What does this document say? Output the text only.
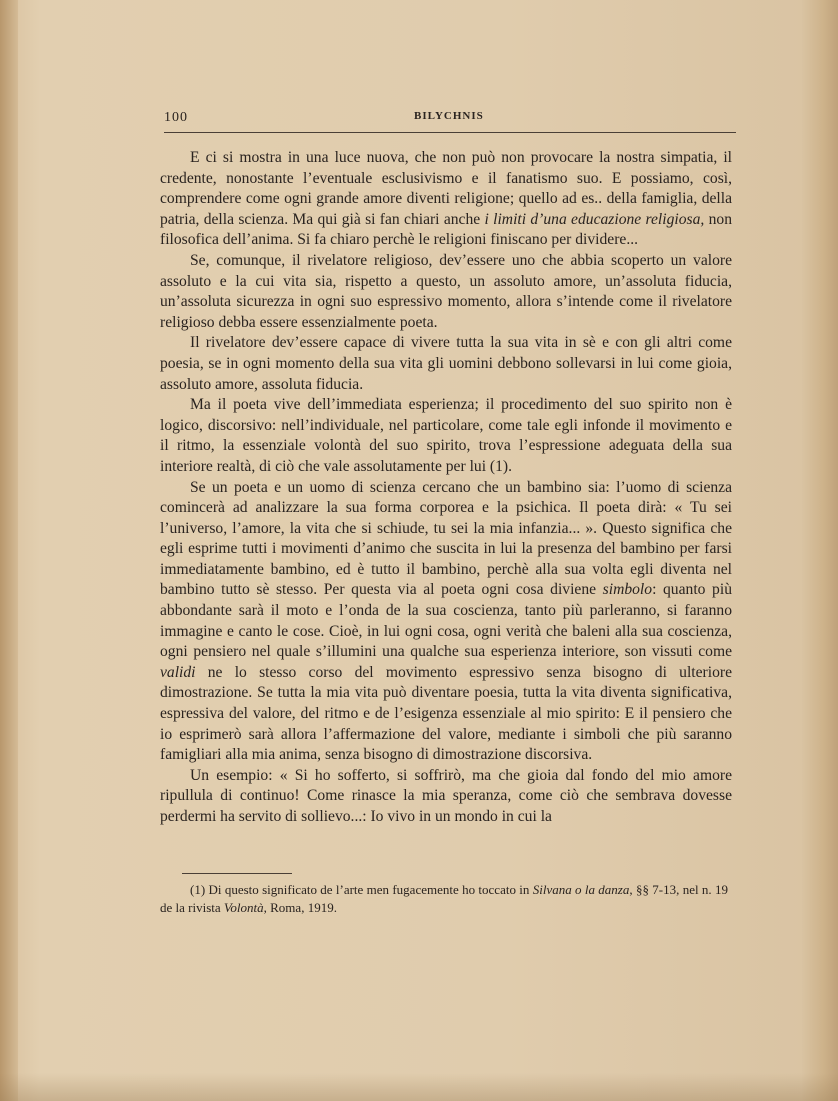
100	BILYCHNIS

E ci si mostra in una luce nuova, che non può non provocare la nostra simpatia, il credente, nonostante l’eventuale esclusivismo e il fanatismo suo. E possiamo, così, comprendere come ogni grande amore diventi religione; quello ad es.. della famiglia, della patria, della scienza. Ma qui già si fan chiari anche i limiti d’una educazione religiosa, non filosofica dell’anima. Si fa chiaro perchè le religioni finiscano per dividere...

Se, comunque, il rivelatore religioso, dev’essere uno che abbia scoperto un valore assoluto e la cui vita sia, rispetto a questo, un assoluto amore, un’assoluta fiducia, un’assoluta sicurezza in ogni suo espressivo momento, allora s’intende come il rivelatore religioso debba essere essenzialmente poeta.

Il rivelatore dev’essere capace di vivere tutta la sua vita in sè e con gli altri come poesia, se in ogni momento della sua vita gli uomini debbono sollevarsi in lui come gioia, assoluto amore, assoluta fiducia.

Ma il poeta vive dell’immediata esperienza; il procedimento del suo spirito non è logico, discorsivo: nell’individuale, nel particolare, come tale egli infonde il movimento e il ritmo, la essenziale volontà del suo spirito, trova l’espressione adeguata della sua interiore realtà, di ciò che vale assolutamente per lui (1).

Se un poeta e un uomo di scienza cercano che un bambino sia: l’uomo di scienza comincerà ad analizzare la sua forma corporea e la psichica. Il poeta dirà: « Tu sei l’universo, l’amore, la vita che si schiude, tu sei la mia infanzia... ». Questo significa che egli esprime tutti i movimenti d’animo che suscita in lui la presenza del bambino per farsi immediatamente bambino, ed è tutto il bambino, perchè alla sua volta egli diventa nel bambino tutto sè stesso. Per questa via al poeta ogni cosa diviene simbolo: quanto più abbondante sarà il moto e l’onda de la sua coscienza, tanto più parleranno, si faranno immagine e canto le cose. Cioè, in lui ogni cosa, ogni verità che baleni alla sua coscienza, ogni pensiero nel quale s’illumini una qualche sua esperienza interiore, son vissuti come validi ne lo stesso corso del movimento espressivo senza bisogno di ulteriore dimostrazione. Se tutta la mia vita può diventare poesia, tutta la vita diventa significativa, espressiva del valore, del ritmo e de l’esigenza essenziale al mio spirito: E il pensiero che io esprimerò sarà allora l’affermazione del valore, mediante i simboli che più saranno famigliari alla mia anima, senza bisogno di dimostrazione discorsiva.

Un esempio: « Si ho sofferto, si soffrirò, ma che gioia dal fondo del mio amore ripullula di continuo! Come rinasce la mia speranza, come ciò che sembrava dovesse perdermi ha servito di sollievo...: Io vivo in un mondo in cui la

(1) Di questo significato de l’arte men fugacemente ho toccato in Silvana o la danza, §§ 7-13, nel n. 19 de la rivista Volontà, Roma, 1919.
